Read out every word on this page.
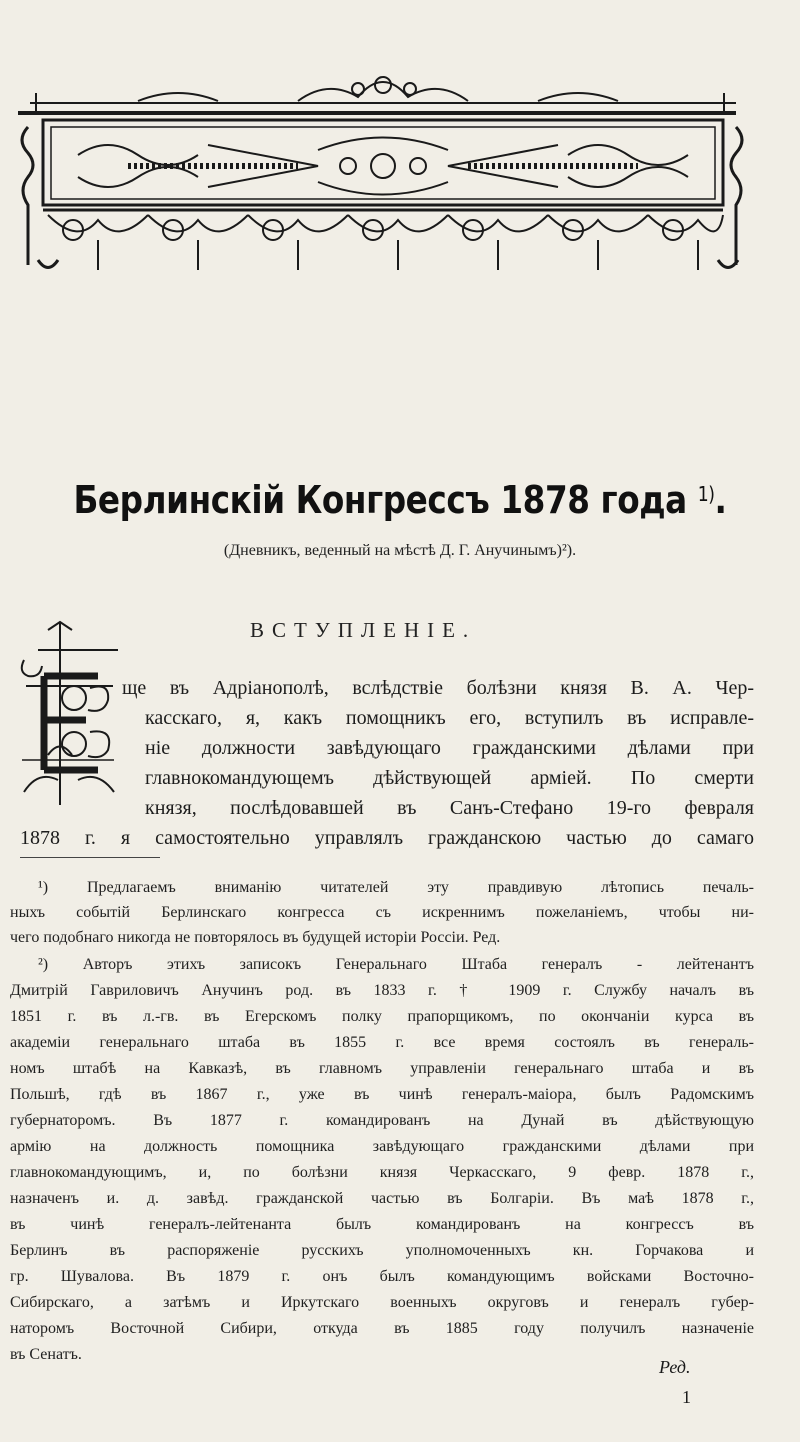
Берлинскій Конгрессъ 1878 года $^{1)}$.
(Дневникъ, веденный на мѣстѣ Д. Г. Анучинымъ)²).
ВСТУПЛЕНІЕ.
ще въ Адріанополѣ, вслѣдствіе болѣзни князя В. А. Чер-
касскаго, я, какъ помощникъ его, вступилъ въ исправле-
ніе должности завѣдующаго гражданскими дѣлами при
главнокомандующемъ дѣйствующей арміей. По смерти
князя, послѣдовавшей въ Санъ-Стефано 19-го февраля
1878 г. я самостоятельно управлялъ гражданскою частью до самаго
¹) Предлагаемъ вниманію читателей эту правдивую лѣтопись печаль-
ныхъ событій Берлинскаго конгресса съ искреннимъ пожеланіемъ, чтобы ни-
чего подобнаго никогда не повторялось въ будущей исторіи Россіи. Ред.
²) Авторъ этихъ записокъ Генеральнаго Штаба генералъ - лейтенантъ
Дмитрій Гавриловичъ Анучинъ род. въ 1833 г. † 1909 г. Службу началъ въ
1851 г. въ л.-гв. въ Егерскомъ полку прапорщикомъ, по окончаніи курса въ
академіи генеральнаго штаба въ 1855 г. все время состоялъ въ генераль-
номъ штабѣ на Кавказѣ, въ главномъ управленіи генеральнаго штаба и въ
Польшѣ, гдѣ въ 1867 г., уже въ чинѣ генералъ-маіора, былъ Радомскимъ
губернаторомъ. Въ 1877 г. командированъ на Дунай въ дѣйствующую
армію на должность помощника завѣдующаго гражданскими дѣлами при
главнокомандующимъ, и, по болѣзни князя Черкасскаго, 9 февр. 1878 г.,
назначенъ и. д. завѣд. гражданской частью въ Болгаріи. Въ маѣ 1878 г.,
въ чинѣ генералъ-лейтенанта былъ командированъ на конгрессъ въ
Берлинъ въ распоряженіе русскихъ уполномоченныхъ кн. Горчакова и
гр. Шувалова. Въ 1879 г. онъ былъ командующимъ войсками Восточно-
Сибирскаго, а затѣмъ и Иркутскаго военныхъ округовъ и генералъ губер-
наторомъ Восточной Сибири, откуда въ 1885 году получилъ назначеніе
въ Сенатъ.
Ред.
1
